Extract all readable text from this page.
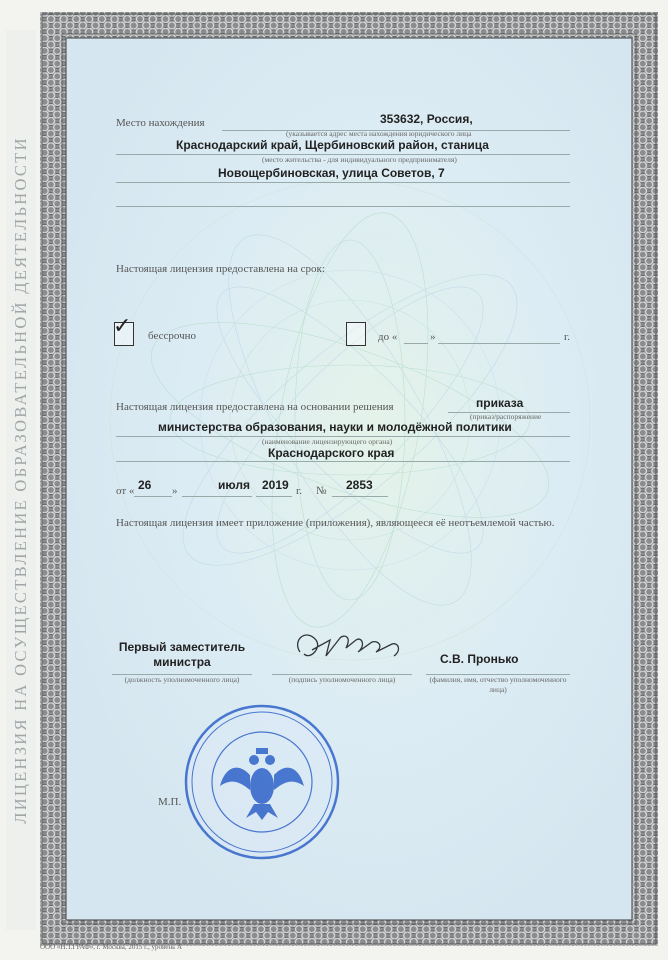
ЛИЦЕНЗИЯ НА ОСУЩЕСТВЛЕНИЕ ОБРАЗОВАТЕЛЬНОЙ ДЕЯТЕЛЬНОСТИ
Место нахождения	353632, Россия,
(указывается адрес места нахождения юридического лица
Краснодарский край, Щербиновский район, станица
(место жительства - для индивидуального предпринимателя)
Новощербиновская, улица Советов, 7
Настоящая лицензия предоставлена на срок:
✓ бессрочно	до «	»	г.
Настоящая лицензия предоставлена на основании решения	приказа
(приказ/распоряжение
министерства образования, науки и молодёжной политики
(наименование лицензирующего органа)
Краснодарского края
от « 26 »	июля 2019 г. № 2853
Настоящая лицензия имеет приложение (приложения), являющееся её неотъемлемой частью.
Первый заместитель министра
(должность уполномоченного лица)	(подпись уполномоченного лица)
С.В. Пронько
(фамилия, имя, отчество уполномоченного лица)
М.П.
ООО «Н.Т.ГРАФ», г. Москва, 2015 г., уровень А
